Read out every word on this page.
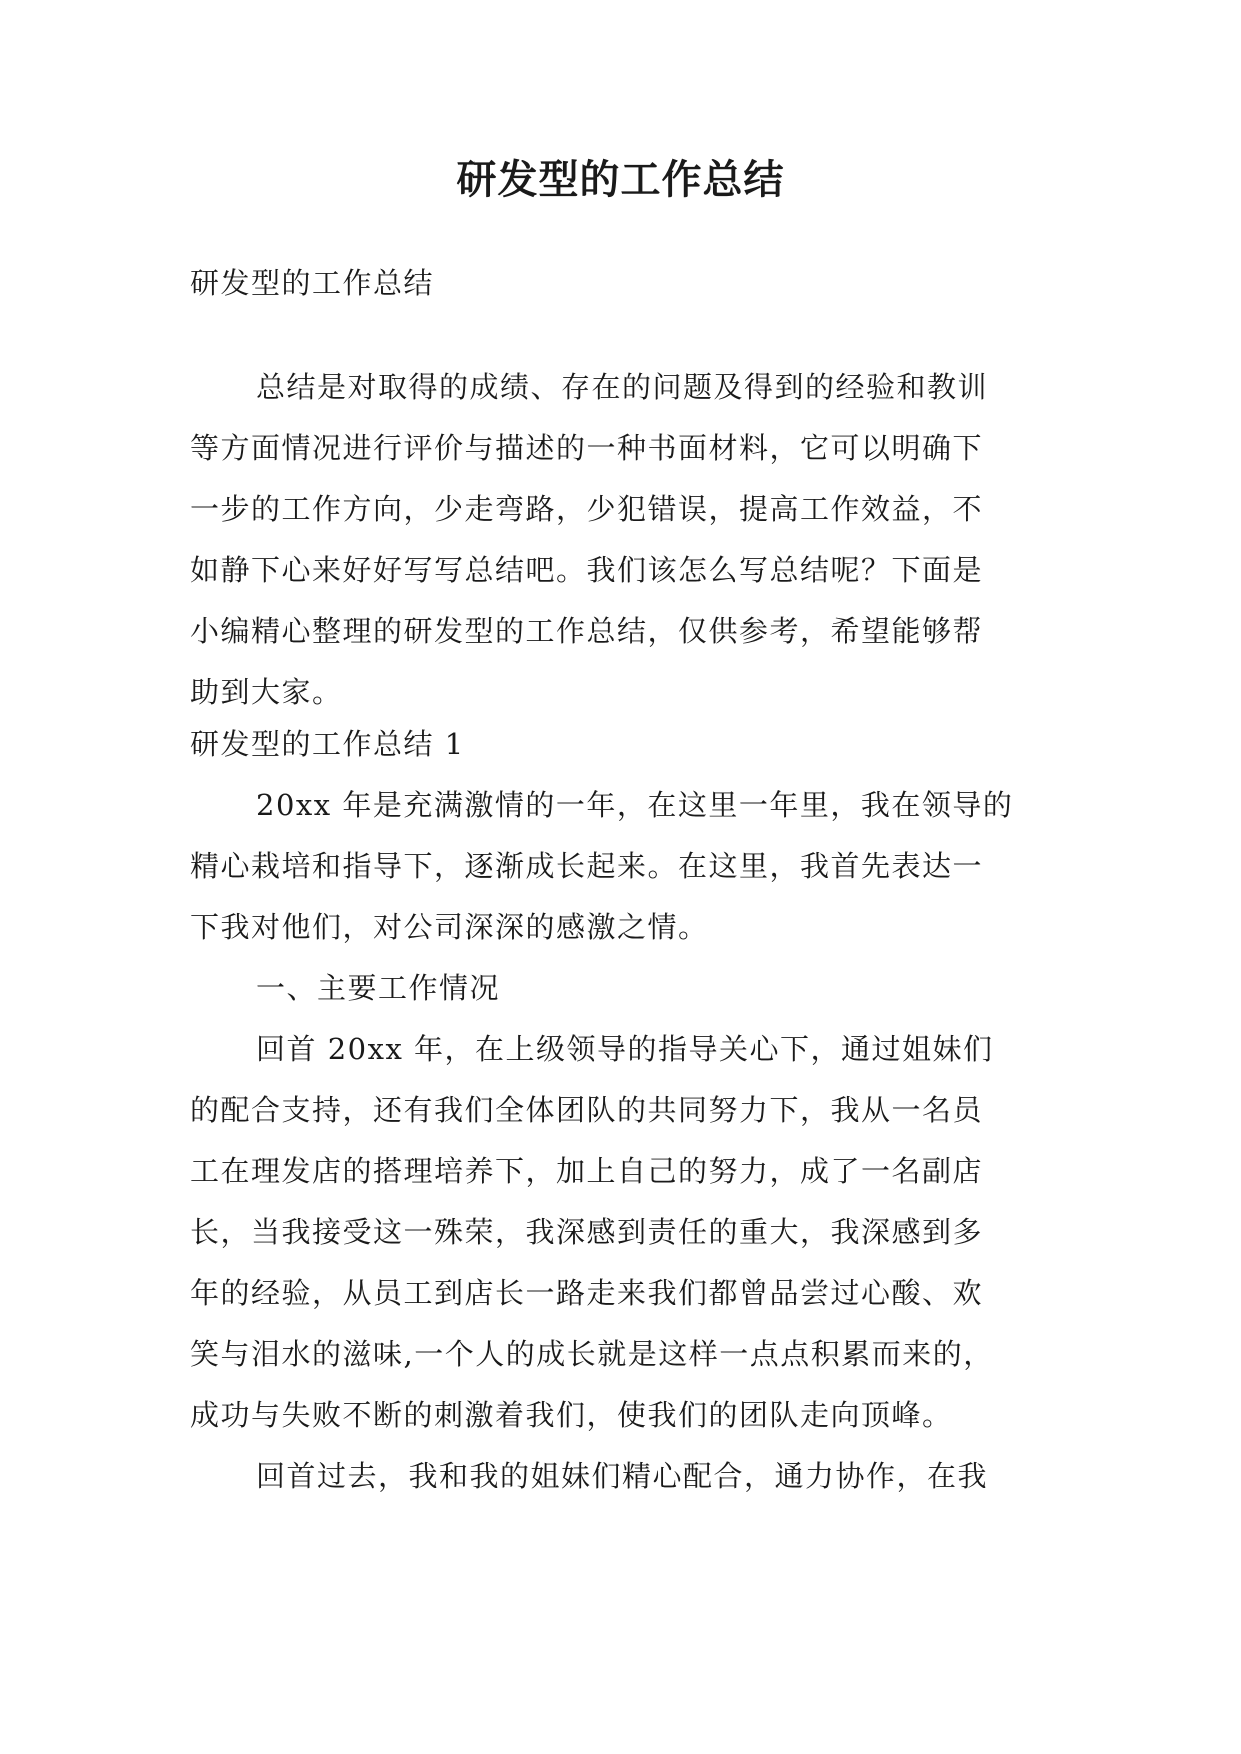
研发型的工作总结
研发型的工作总结
总结是对取得的成绩、存在的问题及得到的经验和教训
等方面情况进行评价与描述的一种书面材料，它可以明确下
一步的工作方向，少走弯路，少犯错误，提高工作效益，不
如静下心来好好写写总结吧。我们该怎么写总结呢？下面是
小编精心整理的研发型的工作总结，仅供参考，希望能够帮
助到大家。
研发型的工作总结 1
20xx 年是充满激情的一年，在这里一年里，我在领导的
精心栽培和指导下，逐渐成长起来。在这里，我首先表达一
下我对他们，对公司深深的感激之情。
一、主要工作情况
回首 20xx 年，在上级领导的指导关心下，通过姐妹们
的配合支持，还有我们全体团队的共同努力下，我从一名员
工在理发店的搭理培养下，加上自己的努力，成了一名副店
长，当我接受这一殊荣，我深感到责任的重大，我深感到多
年的经验，从员工到店长一路走来我们都曾品尝过心酸、欢
笑与泪水的滋味,一个人的成长就是这样一点点积累而来的，
成功与失败不断的刺激着我们，使我们的团队走向顶峰。
回首过去，我和我的姐妹们精心配合，通力协作，在我
